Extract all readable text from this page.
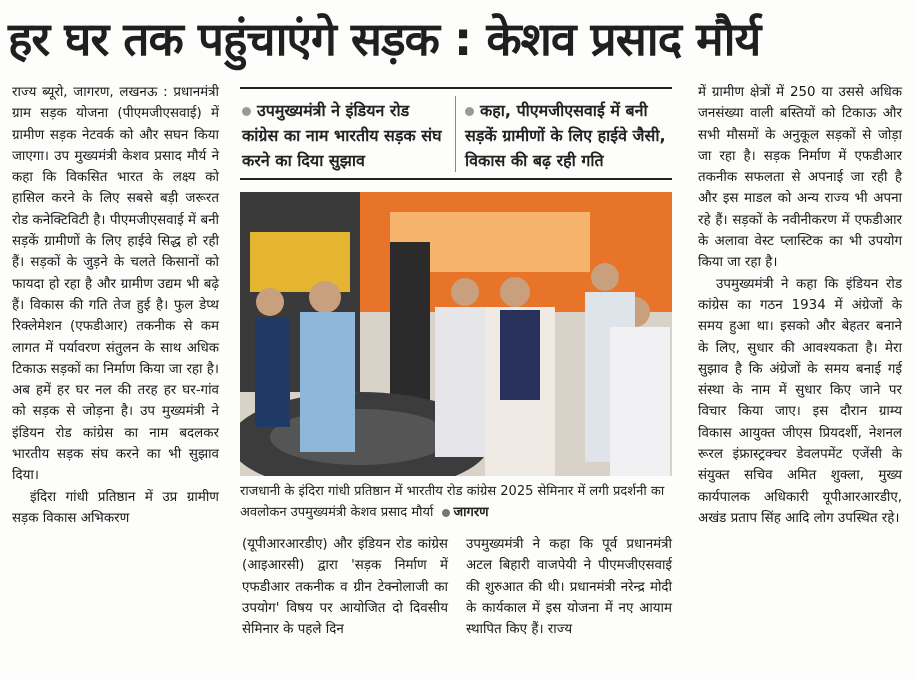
हर घर तक पहुंचाएंगे सड़क : केशव प्रसाद मौर्य

राज्य ब्यूरो, जागरण, लखनऊ : प्रधानमंत्री ग्राम सड़क योजना (पीएमजीएसवाई) में ग्रामीण सड़क नेटवर्क को और सघन किया जाएगा। उप मुख्यमंत्री केशव प्रसाद मौर्य ने कहा कि विकसित भारत के लक्ष्य को हासिल करने के लिए सबसे बड़ी जरूरत रोड कनेक्टिविटी है। पीएमजीएसवाई में बनी सड़कें ग्रामीणों के लिए हाईवे सिद्ध हो रही हैं। सड़कों के जुड़ने के चलते किसानों को फायदा हो रहा है और ग्रामीण उद्यम भी बढ़े हैं। विकास की गति तेज हुई है। फुल डेप्थ रिक्लेमेशन (एफडीआर) तकनीक से कम लागत में पर्यावरण संतुलन के साथ अधिक टिकाऊ सड़कों का निर्माण किया जा रहा है। अब हमें हर घर नल की तरह हर घर-गांव को सड़क से जोड़ना है। उप मुख्यमंत्री ने इंडियन रोड कांग्रेस का नाम बदलकर भारतीय सड़क संघ करने का भी सुझाव दिया।

इंदिरा गांधी प्रतिष्ठान में उप्र ग्रामीण सड़क विकास अभिकरण

उपमुख्यमंत्री ने इंडियन रोड कांग्रेस का नाम भारतीय सड़क संघ करने का दिया सुझाव
कहा, पीएमजीएसवाई में बनी सड़कें ग्रामीणों के लिए हाईवे जैसी, विकास की बढ़ रही गति
राजधानी के इंदिरा गांधी प्रतिष्ठान में भारतीय रोड कांग्रेस 2025 सेमिनार में लगी प्रदर्शनी का अवलोकन उपमुख्यमंत्री केशव प्रसाद मौर्या जागरण

(यूपीआरआरडीए) और इंडियन रोड कांग्रेस (आइआरसी) द्वारा 'सड़क निर्माण में एफडीआर तकनीक व ग्रीन टेक्नोलाजी का उपयोग' विषय पर आयोजित दो दिवसीय सेमिनार के पहले दिन

उपमुख्यमंत्री ने कहा कि पूर्व प्रधानमंत्री अटल बिहारी वाजपेयी ने पीएमजीएसवाई की शुरुआत की थी। प्रधानमंत्री नरेन्द्र मोदी के कार्यकाल में इस योजना में नए आयाम स्थापित किए हैं। राज्य

में ग्रामीण क्षेत्रों में 250 या उससे अधिक जनसंख्या वाली बस्तियों को टिकाऊ और सभी मौसमों के अनुकूल सड़कों से जोड़ा जा रहा है। सड़क निर्माण में एफडीआर तकनीक सफलता से अपनाई जा रही है और इस माडल को अन्य राज्य भी अपना रहे हैं। सड़कों के नवीनीकरण में एफडीआर के अलावा वेस्ट प्लास्टिक का भी उपयोग किया जा रहा है।

उपमुख्यमंत्री ने कहा कि इंडियन रोड कांग्रेस का गठन 1934 में अंग्रेजों के समय हुआ था। इसको और बेहतर बनाने के लिए, सुधार की आवश्यकता है। मेरा सुझाव है कि अंग्रेजों के समय बनाई गई संस्था के नाम में सुधार किए जाने पर विचार किया जाए। इस दौरान ग्राम्य विकास आयुक्त जीएस प्रियदर्शी, नेशनल रूरल इंफ्रास्ट्रक्चर डेवलपमेंट एजेंसी के संयुक्त सचिव अमित शुक्ला, मुख्य कार्यपालक अधिकारी यूपीआरआरडीए, अखंड प्रताप सिंह आदि लोग उपस्थित रहे।
